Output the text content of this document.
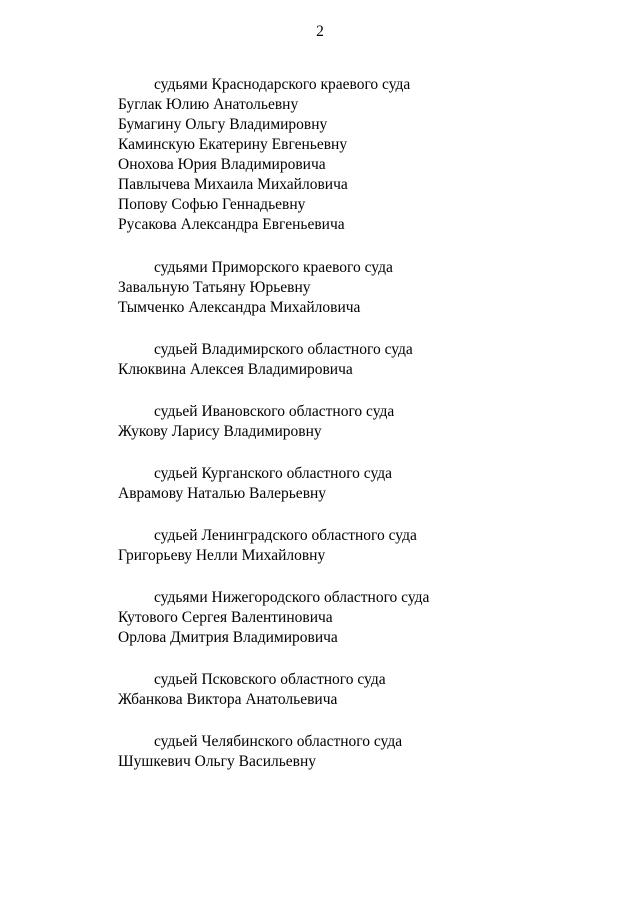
2
судьями Краснодарского краевого суда
Буглак Юлию Анатольевну
Бумагину Ольгу Владимировну
Каминскую Екатерину Евгеньевну
Онохова Юрия Владимировича
Павлычева Михаила Михайловича
Попову Софью Геннадьевну
Русакова Александра Евгеньевича
судьями Приморского краевого суда
Завальную Татьяну Юрьевну
Тымченко Александра Михайловича
судьей Владимирского областного суда
Клюквина Алексея Владимировича
судьей Ивановского областного суда
Жукову Ларису Владимировну
судьей Курганского областного суда
Аврамову Наталью Валерьевну
судьей Ленинградского областного суда
Григорьеву Нелли Михайловну
судьями Нижегородского областного суда
Кутового Сергея Валентиновича
Орлова Дмитрия Владимировича
судьей Псковского областного суда
Жбанкова Виктора Анатольевича
судьей Челябинского областного суда
Шушкевич Ольгу Васильевну
